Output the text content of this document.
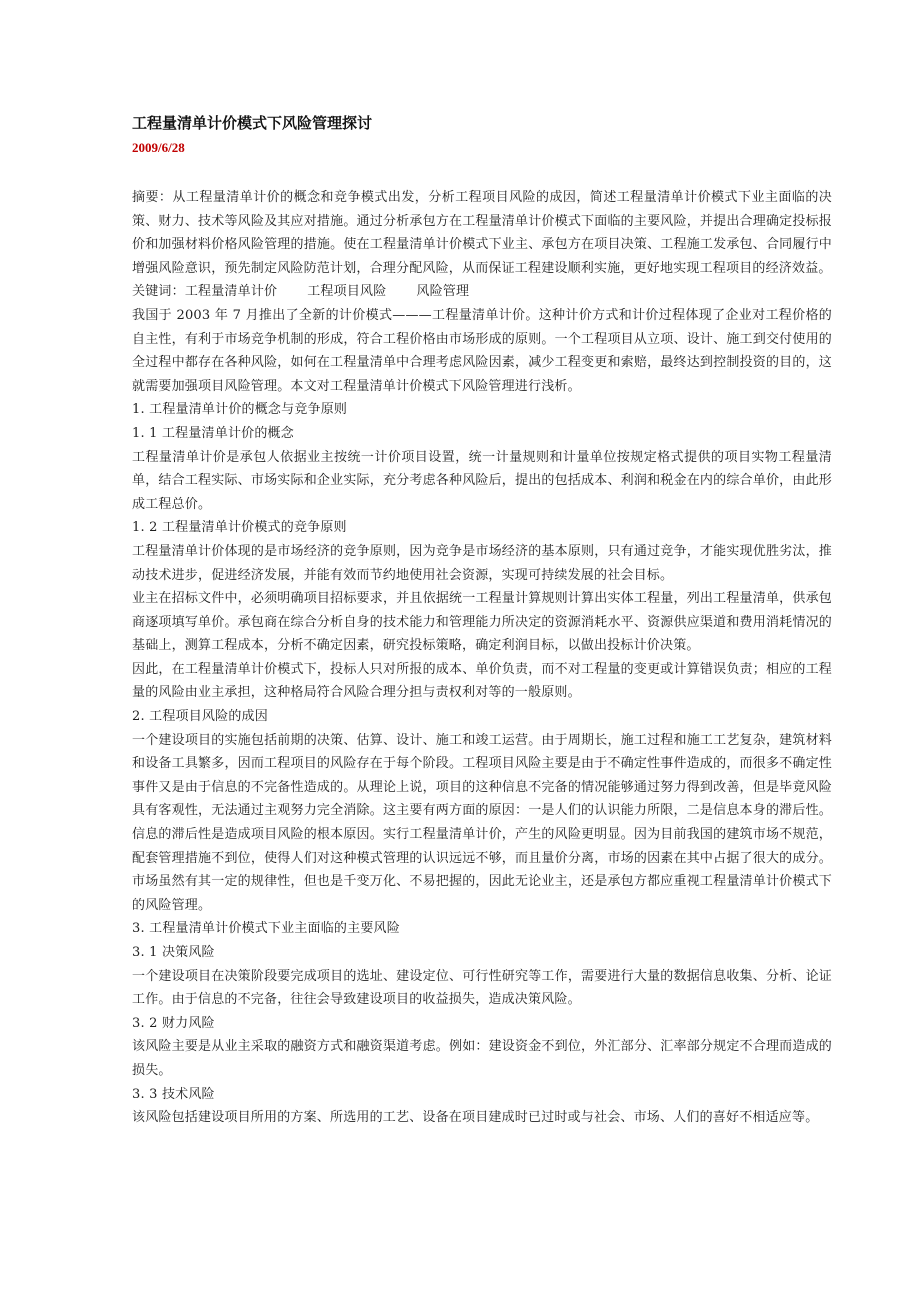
工程量清单计价模式下风险管理探讨
2009/6/28

摘要：从工程量清单计价的概念和竞争模式出发，分析工程项目风险的成因，简述工程量清单计价模式下业主面临的决策、财力、技术等风险及其应对措施。通过分析承包方在工程量清单计价模式下面临的主要风险，并提出合理确定投标报价和加强材料价格风险管理的措施。使在工程量清单计价模式下业主、承包方在项目决策、工程施工发承包、合同履行中增强风险意识，预先制定风险防范计划，合理分配风险，从而保证工程建设顺利实施，更好地实现工程项目的经济效益。

关键词：工程量清单计价 工程项目风险 风险管理

我国于 2003 年 7 月推出了全新的计价模式———工程量清单计价。这种计价方式和计价过程体现了企业对工程价格的自主性，有利于市场竞争机制的形成，符合工程价格由市场形成的原则。一个工程项目从立项、设计、施工到交付使用的全过程中都存在各种风险，如何在工程量清单中合理考虑风险因素，减少工程变更和索赔，最终达到控制投资的目的，这就需要加强项目风险管理。本文对工程量清单计价模式下风险管理进行浅析。

1. 工程量清单计价的概念与竞争原则

1. 1 工程量清单计价的概念

工程量清单计价是承包人依据业主按统一计价项目设置，统一计量规则和计量单位按规定格式提供的项目实物工程量清单，结合工程实际、市场实际和企业实际，充分考虑各种风险后，提出的包括成本、利润和税金在内的综合单价，由此形成工程总价。

1. 2 工程量清单计价模式的竞争原则

工程量清单计价体现的是市场经济的竞争原则，因为竞争是市场经济的基本原则，只有通过竞争，才能实现优胜劣汰，推动技术进步，促进经济发展，并能有效而节约地使用社会资源，实现可持续发展的社会目标。

业主在招标文件中，必须明确项目招标要求，并且依据统一工程量计算规则计算出实体工程量，列出工程量清单，供承包商逐项填写单价。承包商在综合分析自身的技术能力和管理能力所决定的资源消耗水平、资源供应渠道和费用消耗情况的基础上，测算工程成本，分析不确定因素，研究投标策略，确定利润目标，以做出投标计价决策。

因此，在工程量清单计价模式下，投标人只对所报的成本、单价负责，而不对工程量的变更或计算错误负责；相应的工程量的风险由业主承担，这种格局符合风险合理分担与责权利对等的一般原则。

2. 工程项目风险的成因

一个建设项目的实施包括前期的决策、估算、设计、施工和竣工运营。由于周期长，施工过程和施工工艺复杂，建筑材料和设备工具繁多，因而工程项目的风险存在于每个阶段。工程项目风险主要是由于不确定性事件造成的，而很多不确定性事件又是由于信息的不完备性造成的。从理论上说，项目的这种信息不完备的情况能够通过努力得到改善，但是毕竟风险具有客观性，无法通过主观努力完全消除。这主要有两方面的原因：一是人们的认识能力所限，二是信息本身的滞后性。信息的滞后性是造成项目风险的根本原因。实行工程量清单计价，产生的风险更明显。因为目前我国的建筑市场不规范，配套管理措施不到位，使得人们对这种模式管理的认识远远不够，而且量价分离，市场的因素在其中占据了很大的成分。市场虽然有其一定的规律性，但也是千变万化、不易把握的，因此无论业主，还是承包方都应重视工程量清单计价模式下的风险管理。

3. 工程量清单计价模式下业主面临的主要风险

3. 1 决策风险

一个建设项目在决策阶段要完成项目的选址、建设定位、可行性研究等工作，需要进行大量的数据信息收集、分析、论证工作。由于信息的不完备，往往会导致建设项目的收益损失，造成决策风险。

3. 2 财力风险

该风险主要是从业主采取的融资方式和融资渠道考虑。例如：建设资金不到位，外汇部分、汇率部分规定不合理而造成的损失。

3. 3 技术风险

该风险包括建设项目所用的方案、所选用的工艺、设备在项目建成时已过时或与社会、市场、人们的喜好不相适应等。
